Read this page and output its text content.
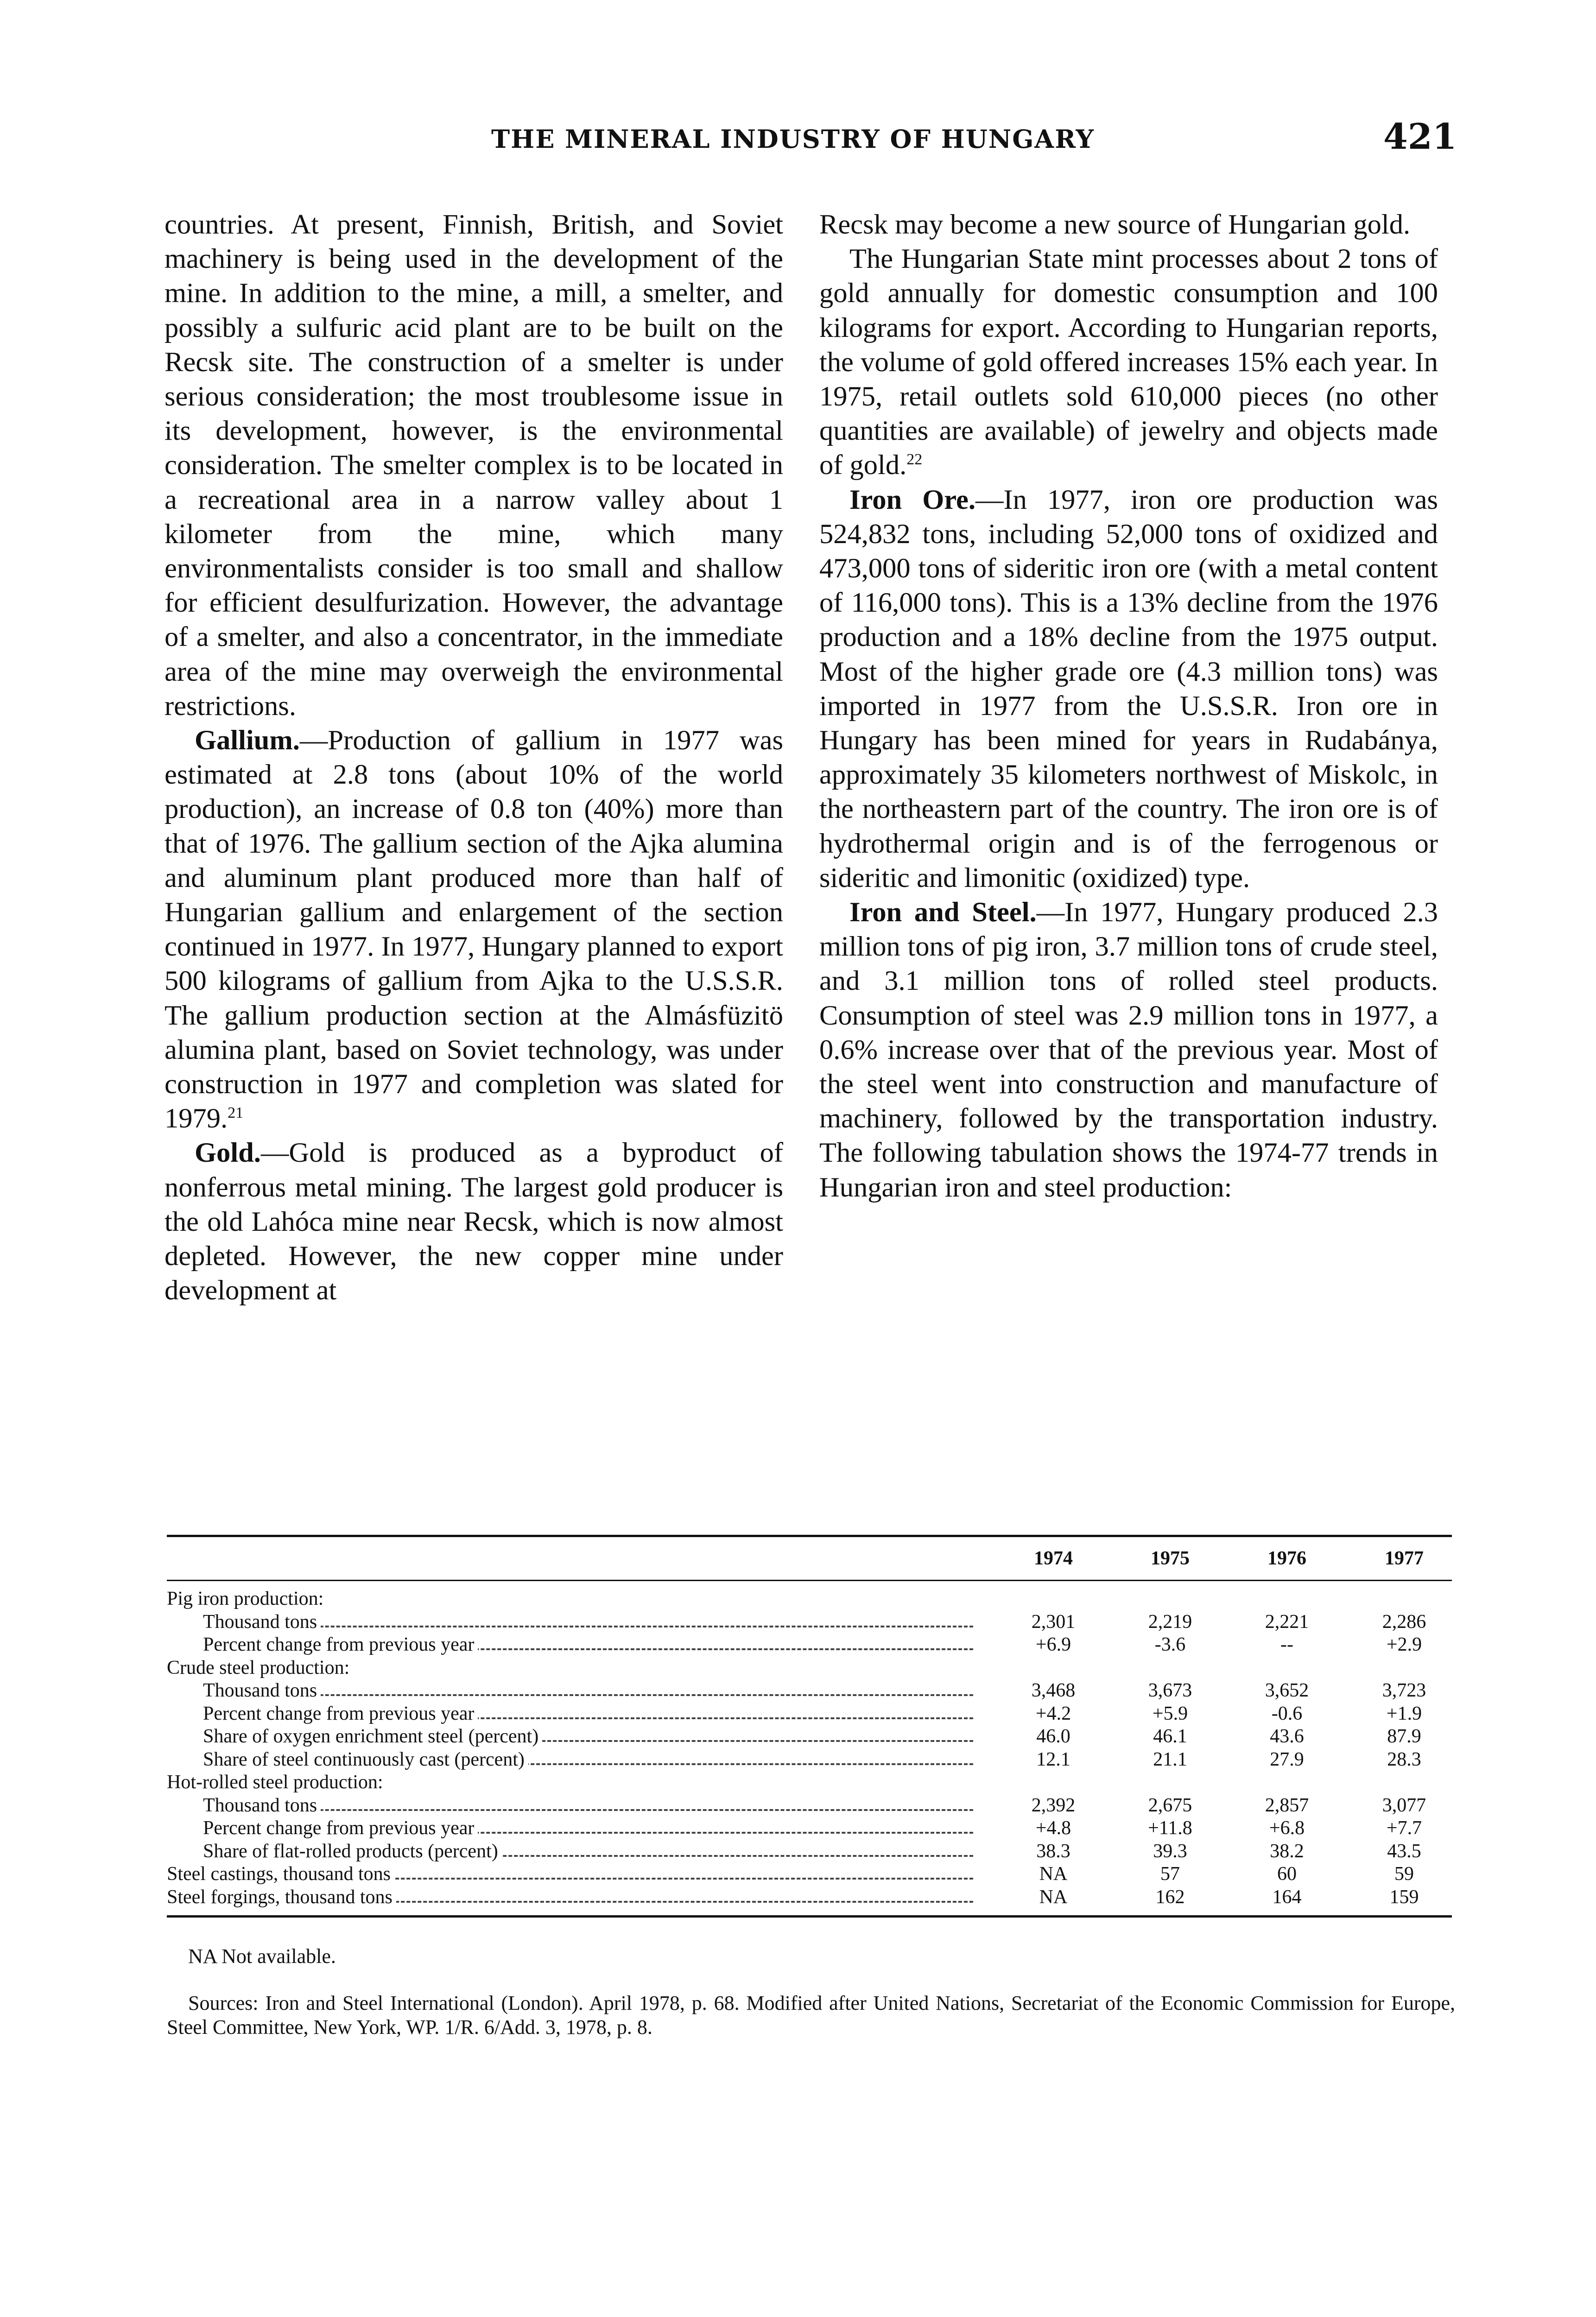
THE MINERAL INDUSTRY OF HUNGARY	421

countries. At present, Finnish, British, and Soviet machinery is being used in the development of the mine. In addition to the mine, a mill, a smelter, and possibly a sulfuric acid plant are to be built on the Recsk site. The construction of a smelter is under serious consideration; the most troublesome issue in its development, however, is the environmental consideration. The smelter complex is to be located in a recreational area in a narrow valley about 1 kilometer from the mine, which many environmentalists consider is too small and shallow for efficient desulfurization. However, the advantage of a smelter, and also a concentrator, in the immediate area of the mine may overweigh the environmental restrictions.

Gallium.—Production of gallium in 1977 was estimated at 2.8 tons (about 10% of the world production), an increase of 0.8 ton (40%) more than that of 1976. The gallium section of the Ajka alumina and aluminum plant produced more than half of Hungarian gallium and enlargement of the section continued in 1977. In 1977, Hungary planned to export 500 kilograms of gallium from Ajka to the U.S.S.R. The gallium production section at the Almásfüzitö alumina plant, based on Soviet technology, was under construction in 1977 and completion was slated for 1979.21

Gold.—Gold is produced as a byproduct of nonferrous metal mining. The largest gold producer is the old Lahóca mine near Recsk, which is now almost depleted. However, the new copper mine under development at

Recsk may become a new source of Hungarian gold.

The Hungarian State mint processes about 2 tons of gold annually for domestic consumption and 100 kilograms for export. According to Hungarian reports, the volume of gold offered increases 15% each year. In 1975, retail outlets sold 610,000 pieces (no other quantities are available) of jewelry and objects made of gold.$^{22}$

Iron Ore.—In 1977, iron ore production was 524,832 tons, including 52,000 tons of oxidized and 473,000 tons of sideritic iron ore (with a metal content of 116,000 tons). This is a 13% decline from the 1976 production and a 18% decline from the 1975 output. Most of the higher grade ore (4.3 million tons) was imported in 1977 from the U.S.S.R. Iron ore in Hungary has been mined for years in Rudabánya, approximately 35 kilometers northwest of Miskolc, in the northeastern part of the country. The iron ore is of hydrothermal origin and is of the ferrogenous or sideritic and limonitic (oxidized) type.

Iron and Steel.—In 1977, Hungary produced 2.3 million tons of pig iron, 3.7 million tons of crude steel, and 3.1 million tons of rolled steel products. Consumption of steel was 2.9 million tons in 1977, a 0.6% increase over that of the previous year. Most of the steel went into construction and manufacture of machinery, followed by the transportation industry. The following tabulation shows the 1974-77 trends in Hungarian iron and steel production:

1974	1975	1976	1977
Pig iron production:
Thousand tons	2,301	2,219	2,221	2,286
Percent change from previous year	+6.9	-3.6	--	+2.9
Crude steel production:
Thousand tons	3,468	3,673	3,652	3,723
Percent change from previous year	+4.2	+5.9	-0.6	+1.9
Share of oxygen enrichment steel (percent)	46.0	46.1	43.6	87.9
Share of steel continuously cast (percent)	12.1	21.1	27.9	28.3
Hot-rolled steel production:
Thousand tons	2,392	2,675	2,857	3,077
Percent change from previous year	+4.8	+11.8	+6.8	+7.7
Share of flat-rolled products (percent)	38.3	39.3	38.2	43.5
Steel castings, thousand tons	NA	57	60	59
Steel forgings, thousand tons	NA	162	164	159
NA Not available.
Sources: Iron and Steel International (London). April 1978, p. 68. Modified after United Nations, Secretariat of the Economic Commission for Europe, Steel Committee, New York, WP. 1/R. 6/Add. 3, 1978, p. 8.
